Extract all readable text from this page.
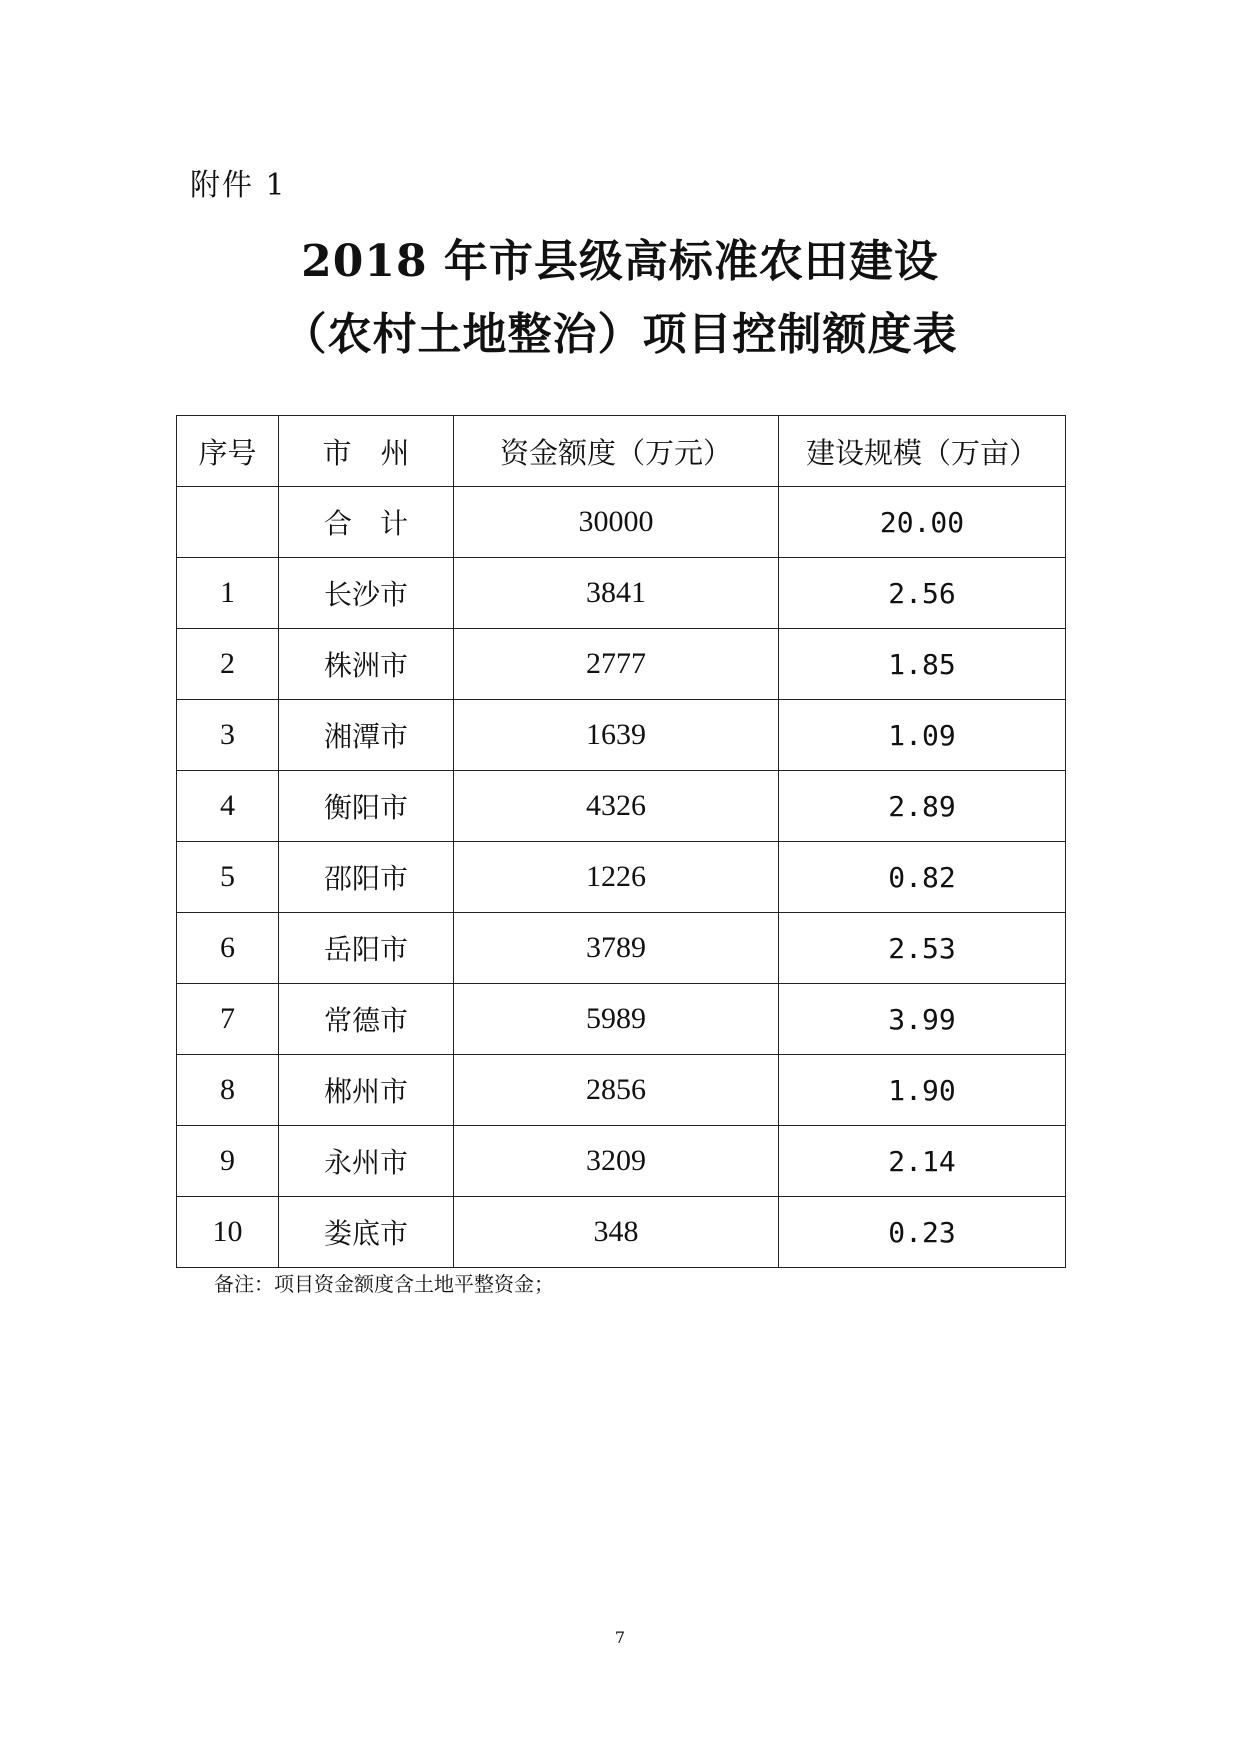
附件 1
2018 年市县级高标准农田建设
（农村土地整治）项目控制额度表
序号	市　州	资金额度（万元）	建设规模（万亩）
	合　计	30000	20.00
1	长沙市	3841	2.56
2	株洲市	2777	1.85
3	湘潭市	1639	1.09
4	衡阳市	4326	2.89
5	邵阳市	1226	0.82
6	岳阳市	3789	2.53
7	常德市	5989	3.99
8	郴州市	2856	1.90
9	永州市	3209	2.14
10	娄底市	348	0.23
备注：项目资金额度含土地平整资金；
7
